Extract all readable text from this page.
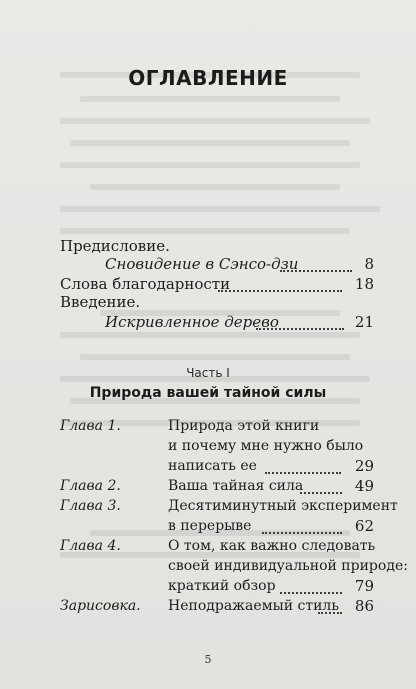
ОГЛАВЛЕНИЕ
Предисловие.
Сновидение в Сэнсо-дзи	8
Слова благодарности	18
Введение.
Искривленное дерево	21
Часть I
Природа вашей тайной силы
Глава 1.	Природа этой книги
и почему мне нужно было
написать ее	29
Глава 2.	Ваша тайная сила	49
Глава 3.	Десятиминутный эксперимент
в перерыве	62
Глава 4.	О том, как важно следовать
своей индивидуальной природе:
краткий обзор	79
Зарисовка. Неподражаемый стиль	86
5
